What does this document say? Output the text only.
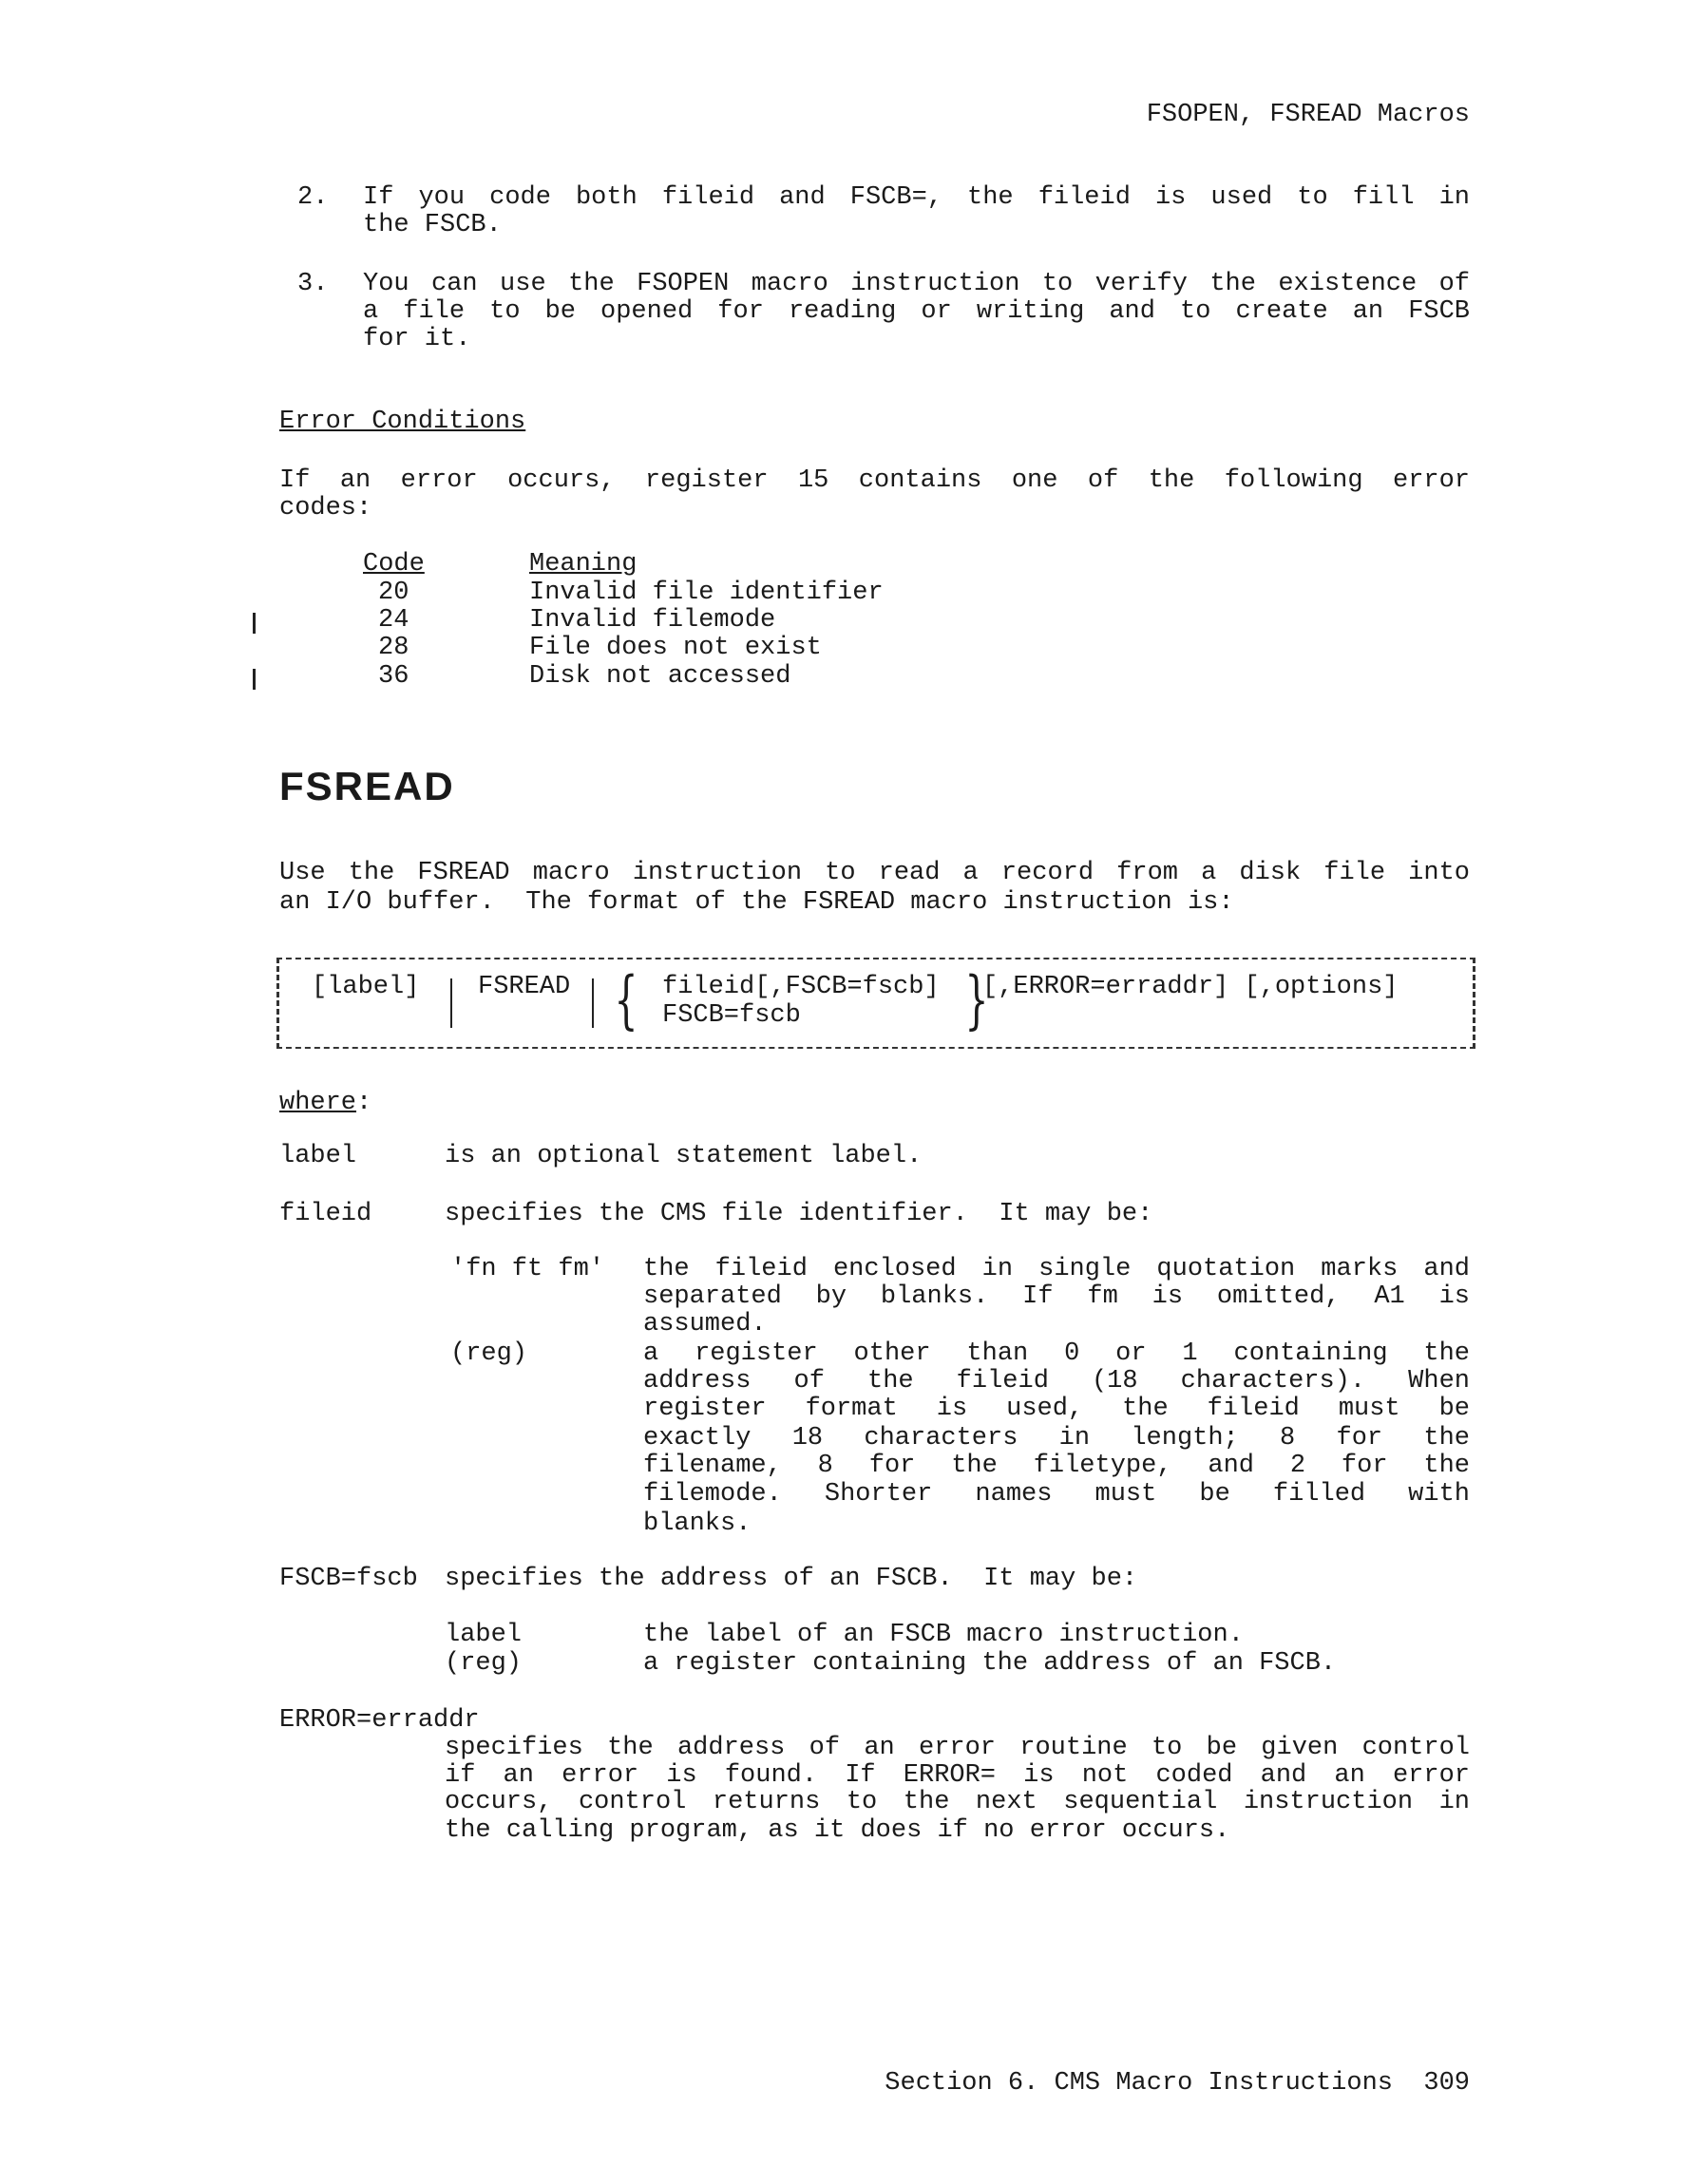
FSOPEN, FSREAD Macros
2. If you code both fileid and FSCB=, the fileid is used to fill in
the FSCB.
3. You can use the FSOPEN macro instruction to verify the existence of
a file to be opened for reading or writing and to create an FSCB
for it.
Error Conditions
If an error occurs, register 15 contains one of the following error
codes:
Code	Meaning
20	Invalid file identifier
24	Invalid filemode
28	File does not exist
36	Disk not accessed
FSREAD
Use the FSREAD macro instruction to read a record from a disk file into
an I/O buffer.  The format of the FSREAD macro instruction is:
[label] FSREAD { fileid[,FSCB=fscb]
FSCB=fscb	}
[,ERROR=erraddr] [,options]
where:
label	is an optional statement label.
fileid	specifies the CMS file identifier.  It may be:
'fn ft fm' the fileid enclosed in single quotation marks and
separated by blanks. If fm is omitted, A1 is
assumed.
(reg)	a register other than 0 or 1 containing the
address of the fileid (18 characters). When
register format is used, the fileid must be
exactly 18 characters in length; 8 for the
filename, 8 for the filetype, and 2 for the
filemode. Shorter names must be filled with
blanks.
FSCB=fscb specifies the address of an FSCB.  It may be:
label	the label of an FSCB macro instruction.
(reg)	a register containing the address of an FSCB.
ERROR=erraddr
specifies the address of an error routine to be given control
if an error is found. If ERROR= is not coded and an error
occurs, control returns to the next sequential instruction in
the calling program, as it does if no error occurs.
Section 6. CMS Macro Instructions 309
